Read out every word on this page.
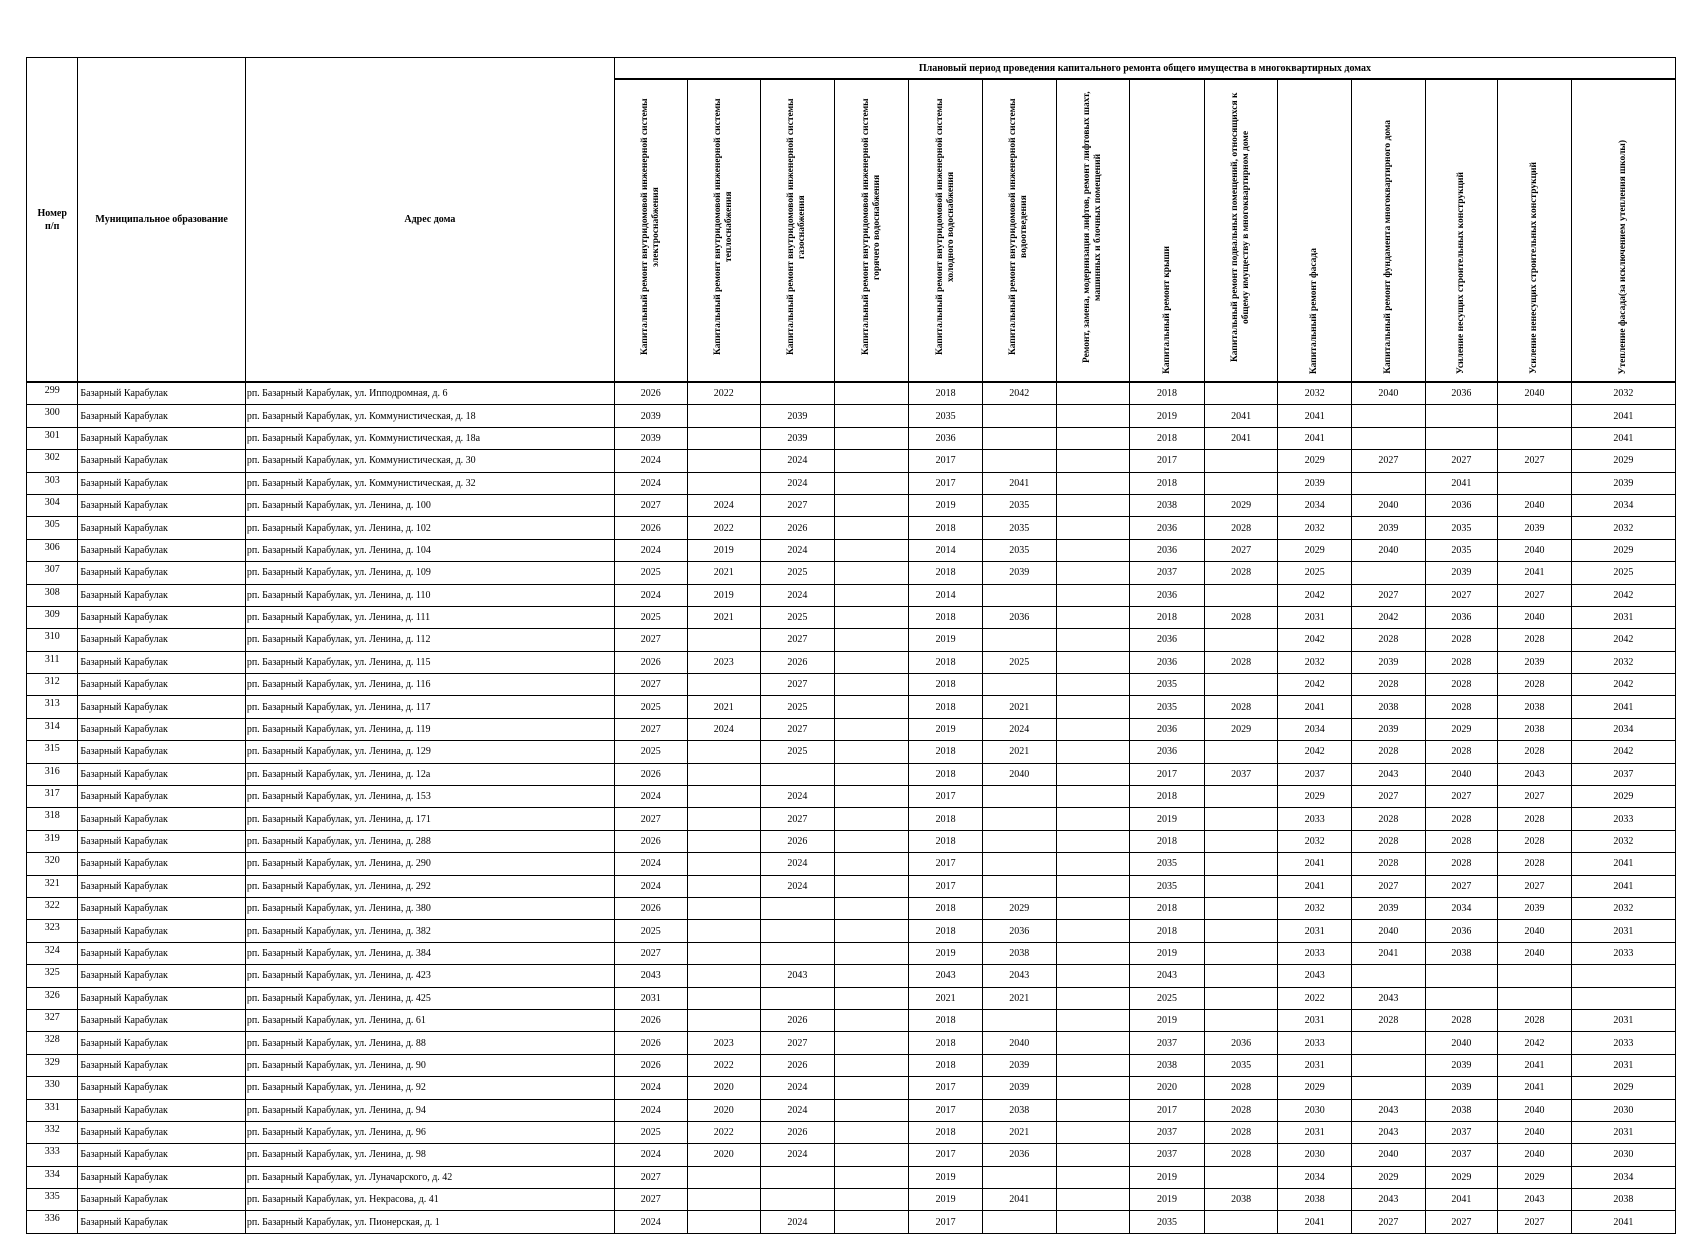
Номер п/п	Муниципальное образование	Адрес дома	Плановый период проведения капитального ремонта общего имущества в многоквартирных домах													
			Капитальный ремонт внутридомовой инженерной системы электроснабжения	Капитальный ремонт внутридомовой инженерной системы теплоснабжения	Капитальный ремонт внутридомовой инженерной системы газоснабжения	Капитальный ремонт внутридомовой инженерной системы горячего водоснабжения	Капитальный ремонт внутридомовой инженерной системы холодного водоснабжения	Капитальный ремонт внутридомовой инженерной системы водоотведения	Ремонт, замена, модернизация лифтов, ремонт лифтовых шахт, машинных и блочных помещений	Капитальный ремонт крыши	Капитальный ремонт подвальных помещений, относящихся к общему имуществу в многоквартирном доме	Капитальный ремонт фасада	Капитальный ремонт фундамента многоквартирного дома	Усиление несущих строительных конструкций	Усиление ненесущих строительных конструкций	Утепление фасада(за исключением утепления школы)
299	Базарный Карабулак	рп. Базарный Карабулак, ул. Ипподромная, д. 6	2026	2022			2018	2042		2018		2032	2040	2036	2040	2032
300	Базарный Карабулак	рп. Базарный Карабулак, ул. Коммунистическая, д. 18	2039		2039		2035			2019	2041	2041				2041
301	Базарный Карабулак	рп. Базарный Карабулак, ул. Коммунистическая, д. 18а	2039		2039		2036			2018	2041	2041				2041
302	Базарный Карабулак	рп. Базарный Карабулак, ул. Коммунистическая, д. 30	2024		2024		2017			2017		2029	2027	2027	2027	2029
303	Базарный Карабулак	рп. Базарный Карабулак, ул. Коммунистическая, д. 32	2024		2024		2017	2041		2018		2039		2041		2039
304	Базарный Карабулак	рп. Базарный Карабулак, ул. Ленина, д. 100	2027	2024	2027		2019	2035		2038	2029	2034	2040	2036	2040	2034
305	Базарный Карабулак	рп. Базарный Карабулак, ул. Ленина, д. 102	2026	2022	2026		2018	2035		2036	2028	2032	2039	2035	2039	2032
306	Базарный Карабулак	рп. Базарный Карабулак, ул. Ленина, д. 104	2024	2019	2024		2014	2035		2036	2027	2029	2040	2035	2040	2029
307	Базарный Карабулак	рп. Базарный Карабулак, ул. Ленина, д. 109	2025	2021	2025		2018	2039		2037	2028	2025		2039	2041	2025
308	Базарный Карабулак	рп. Базарный Карабулак, ул. Ленина, д. 110	2024	2019	2024		2014			2036		2042	2027	2027	2027	2042
309	Базарный Карабулак	рп. Базарный Карабулак, ул. Ленина, д. 111	2025	2021	2025		2018	2036		2018	2028	2031	2042	2036	2040	2031
310	Базарный Карабулак	рп. Базарный Карабулак, ул. Ленина, д. 112	2027		2027		2019			2036		2042	2028	2028	2028	2042
311	Базарный Карабулак	рп. Базарный Карабулак, ул. Ленина, д. 115	2026	2023	2026		2018	2025		2036	2028	2032	2039	2028	2039	2032
312	Базарный Карабулак	рп. Базарный Карабулак, ул. Ленина, д. 116	2027		2027		2018			2035		2042	2028	2028	2028	2042
313	Базарный Карабулак	рп. Базарный Карабулак, ул. Ленина, д. 117	2025	2021	2025		2018	2021		2035	2028	2041	2038	2028	2038	2041
314	Базарный Карабулак	рп. Базарный Карабулак, ул. Ленина, д. 119	2027	2024	2027		2019	2024		2036	2029	2034	2039	2029	2038	2034
315	Базарный Карабулак	рп. Базарный Карабулак, ул. Ленина, д. 129	2025		2025		2018	2021		2036		2042	2028	2028	2028	2042
316	Базарный Карабулак	рп. Базарный Карабулак, ул. Ленина, д. 12а	2026				2018	2040		2017	2037	2037	2043	2040	2043	2037
317	Базарный Карабулак	рп. Базарный Карабулак, ул. Ленина, д. 153	2024		2024		2017			2018		2029	2027	2027	2027	2029
318	Базарный Карабулак	рп. Базарный Карабулак, ул. Ленина, д. 171	2027		2027		2018			2019		2033	2028	2028	2028	2033
319	Базарный Карабулак	рп. Базарный Карабулак, ул. Ленина, д. 288	2026		2026		2018			2018		2032	2028	2028	2028	2032
320	Базарный Карабулак	рп. Базарный Карабулак, ул. Ленина, д. 290	2024		2024		2017			2035		2041	2028	2028	2028	2041
321	Базарный Карабулак	рп. Базарный Карабулак, ул. Ленина, д. 292	2024		2024		2017			2035		2041	2027	2027	2027	2041
322	Базарный Карабулак	рп. Базарный Карабулак, ул. Ленина, д. 380	2026				2018	2029		2018		2032	2039	2034	2039	2032
323	Базарный Карабулак	рп. Базарный Карабулак, ул. Ленина, д. 382	2025				2018	2036		2018		2031	2040	2036	2040	2031
324	Базарный Карабулак	рп. Базарный Карабулак, ул. Ленина, д. 384	2027				2019	2038		2019		2033	2041	2038	2040	2033
325	Базарный Карабулак	рп. Базарный Карабулак, ул. Ленина, д. 423	2043		2043		2043	2043		2043		2043				
326	Базарный Карабулак	рп. Базарный Карабулак, ул. Ленина, д. 425	2031				2021	2021		2025		2022	2043			
327	Базарный Карабулак	рп. Базарный Карабулак, ул. Ленина, д. 61	2026		2026		2018			2019		2031	2028	2028	2028	2031
328	Базарный Карабулак	рп. Базарный Карабулак, ул. Ленина, д. 88	2026	2023	2027		2018	2040		2037	2036	2033		2040	2042	2033
329	Базарный Карабулак	рп. Базарный Карабулак, ул. Ленина, д. 90	2026	2022	2026		2018	2039		2038	2035	2031		2039	2041	2031
330	Базарный Карабулак	рп. Базарный Карабулак, ул. Ленина, д. 92	2024	2020	2024		2017	2039		2020	2028	2029		2039	2041	2029
331	Базарный Карабулак	рп. Базарный Карабулак, ул. Ленина, д. 94	2024	2020	2024		2017	2038		2017	2028	2030	2043	2038	2040	2030
332	Базарный Карабулак	рп. Базарный Карабулак, ул. Ленина, д. 96	2025	2022	2026		2018	2021		2037	2028	2031	2043	2037	2040	2031
333	Базарный Карабулак	рп. Базарный Карабулак, ул. Ленина, д. 98	2024	2020	2024		2017	2036		2037	2028	2030	2040	2037	2040	2030
334	Базарный Карабулак	рп. Базарный Карабулак, ул. Луначарского, д. 42	2027				2019			2019		2034	2029	2029	2029	2034
335	Базарный Карабулак	рп. Базарный Карабулак, ул. Некрасова, д. 41	2027				2019	2041		2019	2038	2038	2043	2041	2043	2038
336	Базарный Карабулак	рп. Базарный Карабулак, ул. Пионерская, д. 1	2024		2024		2017			2035		2041	2027	2027	2027	2041
